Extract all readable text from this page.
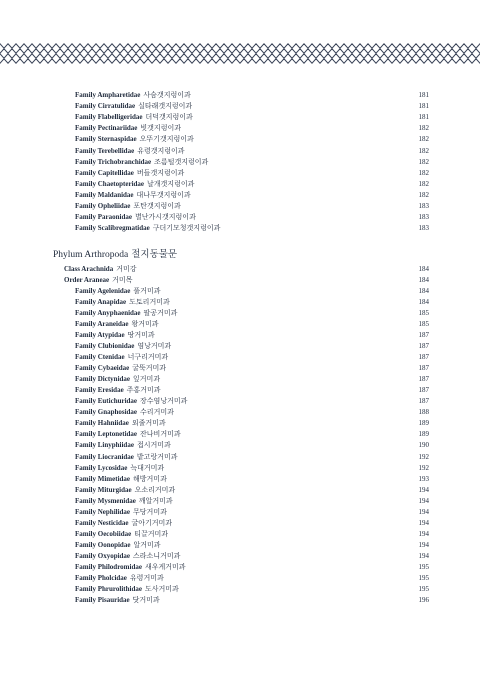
Family Ampharetidae 사슴갯지렁이과	181
Family Cirratulidae 실타래갯지렁이과	181
Family Flabelligeridae 더덕갯지렁이과	181
Family Pectinariidae 빗갯지렁이과	182
Family Sternaspidae 오뚜기갯지렁이과	182
Family Terebellidae 유령갯지렁이과	182
Family Trichobranchidae 조름털갯지렁이과	182
Family Capitellidae 버들갯지렁이과	182
Family Chaetopteridae 날개갯지렁이과	182
Family Maldanidae 대나무갯지렁이과	182
Family Opheliidae 포탄갯지렁이과	183
Family Paraonidae 별난가시갯지렁이과	183
Family Scalibregmatidae 구더기모청갯지렁이과	183
Phylum Arthropoda 절지동물문
Class Arachnida 거미강	184
Order Araneae 거미목	184
Family Agelenidae 풀거미과	184
Family Anapidae 도토리거미과	184
Family Anyphaenidae 팔공거미과	185
Family Araneidae 왕거미과	185
Family Atypidae 땅거미과	187
Family Clubionidae 염낭거미과	187
Family Ctenidae 너구리거미과	187
Family Cybaeidae 굴뚝거미과	187
Family Dictynidae 잎거미과	187
Family Eresidae 주홍거미과	187
Family Eutichuridae 장수염낭거미과	187
Family Gnaphosidae 수리거미과	188
Family Hahniidae 외줄거미과	189
Family Leptonetidae 잔나비거미과	189
Family Linyphiidae 접시거미과	190
Family Liocranidae 밭고랑거미과	192
Family Lycosidae 늑대거미과	192
Family Mimetidae 해방거미과	193
Family Miturgidae 오소리거미과	194
Family Mysmenidae 깨알거미과	194
Family Nephilidae 무당거미과	194
Family Nesticidae 굴아기거미과	194
Family Oecobiidae 티끌거미과	194
Family Oonopidae 알거미과	194
Family Oxyopidae 스라소니거미과	194
Family Philodromidae 새우게거미과	195
Family Pholcidae 유령거미과	195
Family Phrurolithidae 도사거미과	195
Family Pisauridae 닷거미과	196
